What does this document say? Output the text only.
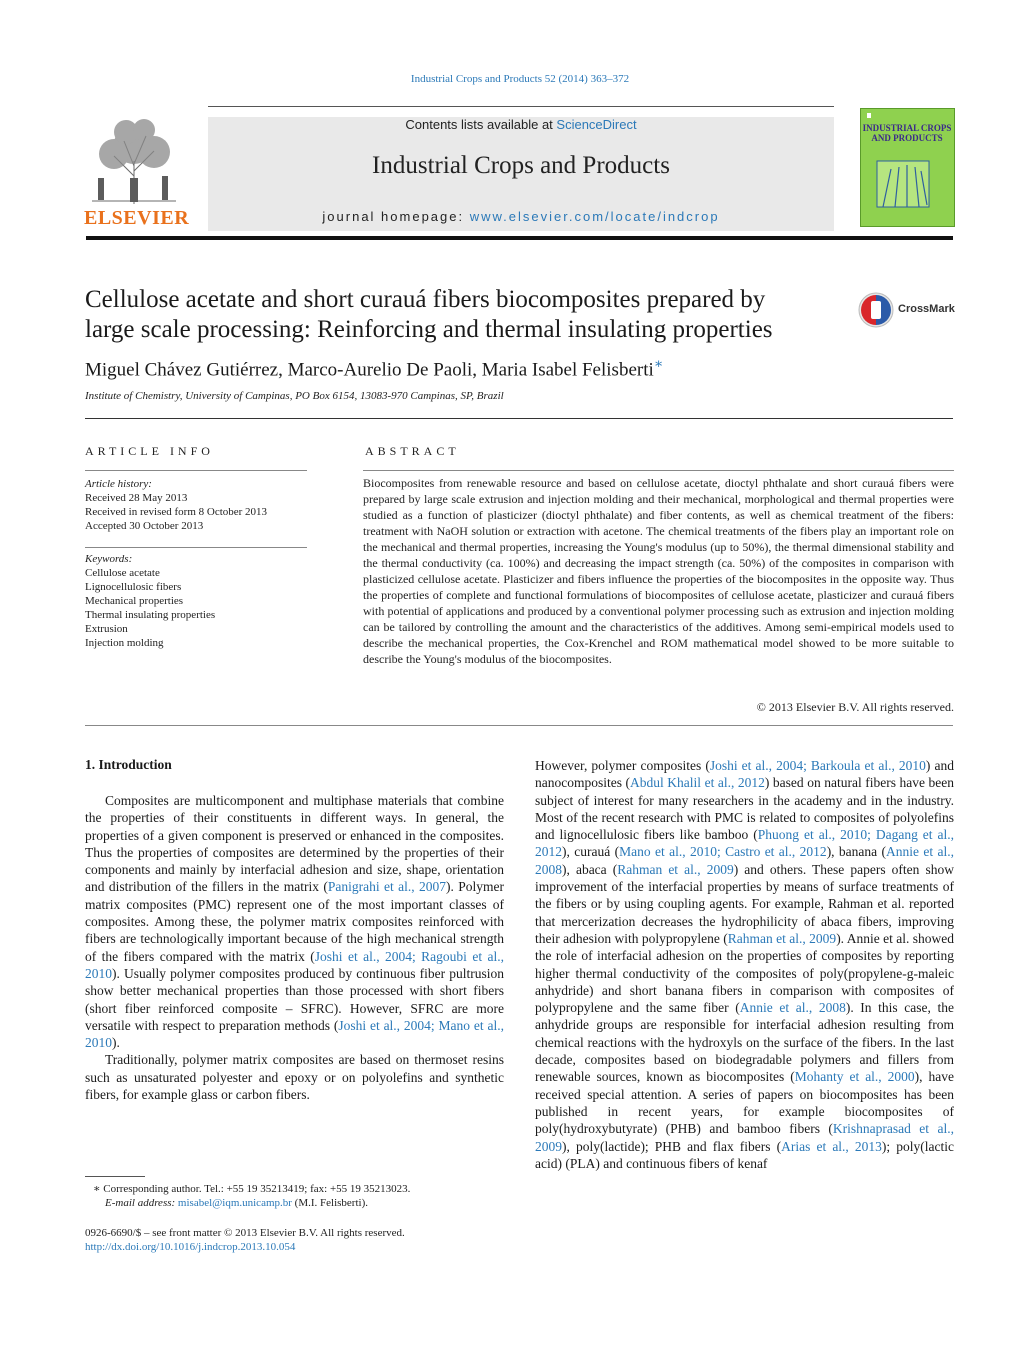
Industrial Crops and Products 52 (2014) 363–372
ELSEVIER
Contents lists available at ScienceDirect
Industrial Crops and Products
journal homepage: www.elsevier.com/locate/indcrop
INDUSTRIAL CROPS AND PRODUCTS
Cellulose acetate and short curauá fibers biocomposites prepared by
large scale processing: Reinforcing and thermal insulating properties
CrossMark
Miguel Chávez Gutiérrez, Marco-Aurelio De Paoli, Maria Isabel Felisberti∗
Institute of Chemistry, University of Campinas, PO Box 6154, 13083-970 Campinas, SP, Brazil
ARTICLE INFO
Article history:
Received 28 May 2013
Received in revised form 8 October 2013
Accepted 30 October 2013
Keywords:
Cellulose acetate
Lignocellulosic fibers
Mechanical properties
Thermal insulating properties
Extrusion
Injection molding
ABSTRACT
Biocomposites from renewable resource and based on cellulose acetate, dioctyl phthalate and short curauá fibers were prepared by large scale extrusion and injection molding and their mechanical, morphological and thermal properties were studied as a function of plasticizer (dioctyl phthalate) and fiber contents, as well as chemical treatment of the fibers: treatment with NaOH solution or extraction with acetone. The chemical treatments of the fibers play an important role on the mechanical and thermal properties, increasing the Young's modulus (up to 50%), the thermal dimensional stability and the thermal conductivity (ca. 100%) and decreasing the impact strength (ca. 50%) of the composites in comparison with plasticized cellulose acetate. Plasticizer and fibers influence the properties of the biocomposites in the opposite way. Thus the properties of complete and functional formulations of biocomposites of cellulose acetate, plasticizer and curauá fibers with potential of applications and produced by a conventional polymer processing such as extrusion and injection molding can be tailored by controlling the amount and the characteristics of the additives. Among semi-empirical models used to describe the mechanical properties, the Cox-Krenchel and ROM mathematical model showed to be more suitable to describe the Young's modulus of the biocomposites.
© 2013 Elsevier B.V. All rights reserved.
1. Introduction

Composites are multicomponent and multiphase materials that combine the properties of their constituents in different ways. In general, the properties of a given component is preserved or enhanced in the composites. Thus the properties of composites are determined by the properties of their components and mainly by interfacial adhesion and size, shape, orientation and distribution of the fillers in the matrix (Panigrahi et al., 2007). Polymer matrix composites (PMC) represent one of the most important classes of composites. Among these, the polymer matrix composites reinforced with fibers are technologically important because of the high mechanical strength of the fibers compared with the matrix (Joshi et al., 2004; Ragoubi et al., 2010). Usually polymer composites produced by continuous fiber pultrusion show better mechanical properties than those processed with short fibers (short fiber reinforced composite – SFRC). However, SFRC are more versatile with respect to preparation methods (Joshi et al., 2004; Mano et al., 2010).

Traditionally, polymer matrix composites are based on thermoset resins such as unsaturated polyester and epoxy or on polyolefins and synthetic fibers, for example glass or carbon fibers.

However, polymer composites (Joshi et al., 2004; Barkoula et al., 2010) and nanocomposites (Abdul Khalil et al., 2012) based on natural fibers have been subject of interest for many researchers in the academy and in the industry. Most of the recent research with PMC is related to composites of polyolefins and lignocellulosic fibers like bamboo (Phuong et al., 2010; Dagang et al., 2012), curauá (Mano et al., 2010; Castro et al., 2012), banana (Annie et al., 2008), abaca (Rahman et al., 2009) and others. These papers often show improvement of the interfacial properties by means of surface treatments of the fibers or by using coupling agents. For example, Rahman et al. reported that mercerization decreases the hydrophilicity of abaca fibers, improving their adhesion with polypropylene (Rahman et al., 2009). Annie et al. showed the role of interfacial adhesion on the properties of composites by reporting higher thermal conductivity of the composites of poly(propylene-g-maleic anhydride) and short banana fibers in comparison with composites of polypropylene and the same fiber (Annie et al., 2008). In this case, the anhydride groups are responsible for interfacial adhesion resulting from chemical reactions with the hydroxyls on the surface of the fibers. In the last decade, composites based on biodegradable polymers and fillers from renewable sources, known as biocomposites (Mohanty et al., 2000), have received special attention. A series of papers on biocomposites has been published in recent years, for example biocomposites of poly(hydroxybutyrate) (PHB) and bamboo fibers (Krishnaprasad et al., 2009), poly(lactide); PHB and flax fibers (Arias et al., 2013); poly(lactic acid) (PLA) and continuous fibers of kenaf

∗ Corresponding author. Tel.: +55 19 35213419; fax: +55 19 35213023.
E-mail address: misabel@iqm.unicamp.br (M.I. Felisberti).
0926-6690/$ – see front matter © 2013 Elsevier B.V. All rights reserved.
http://dx.doi.org/10.1016/j.indcrop.2013.10.054
